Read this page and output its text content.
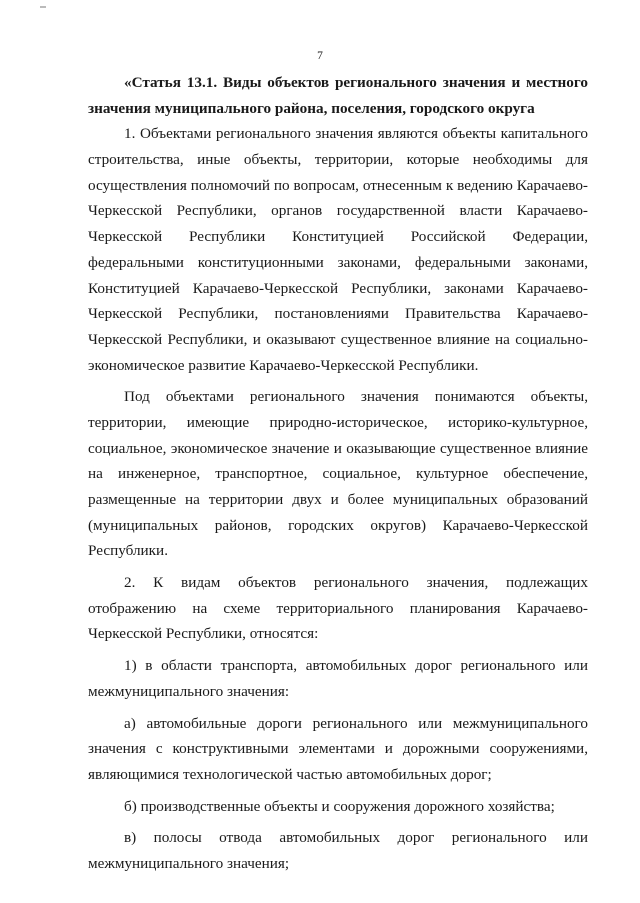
7
«Статья 13.1. Виды объектов регионального значения и местного
значения муниципального района, поселения, городского округа
1. Объектами регионального значения являются объекты капитального
строительства, иные объекты, территории, которые необходимы для
осуществления полномочий по вопросам, отнесенным к ведению Карачаево-
Черкесской Республики, органов государственной власти Карачаево-
Черкесской Республики Конституцией Российской Федерации,
федеральными конституционными законами, федеральными законами,
Конституцией Карачаево-Черкесской Республики, законами Карачаево-
Черкесской Республики, постановлениями Правительства Карачаево-
Черкесской Республики, и оказывают существенное влияние на социально-
экономическое развитие Карачаево-Черкесской Республики.
Под объектами регионального значения понимаются объекты,
территории, имеющие природно-историческое, историко-культурное,
социальное, экономическое значение и оказывающие существенное влияние
на инженерное, транспортное, социальное, культурное обеспечение,
размещенные на территории двух и более муниципальных образований
(муниципальных районов, городских округов) Карачаево-Черкесской
Республики.
2. К видам объектов регионального значения, подлежащих
отображению на схеме территориального планирования Карачаево-
Черкесской Республики, относятся:
1) в области транспорта, автомобильных дорог регионального или
межмуниципального значения:
а) автомобильные дороги регионального или межмуниципального
значения с конструктивными элементами и дорожными сооружениями,
являющимися технологической частью автомобильных дорог;
б) производственные объекты и сооружения дорожного хозяйства;
в) полосы отвода автомобильных дорог регионального или
межмуниципального значения;
